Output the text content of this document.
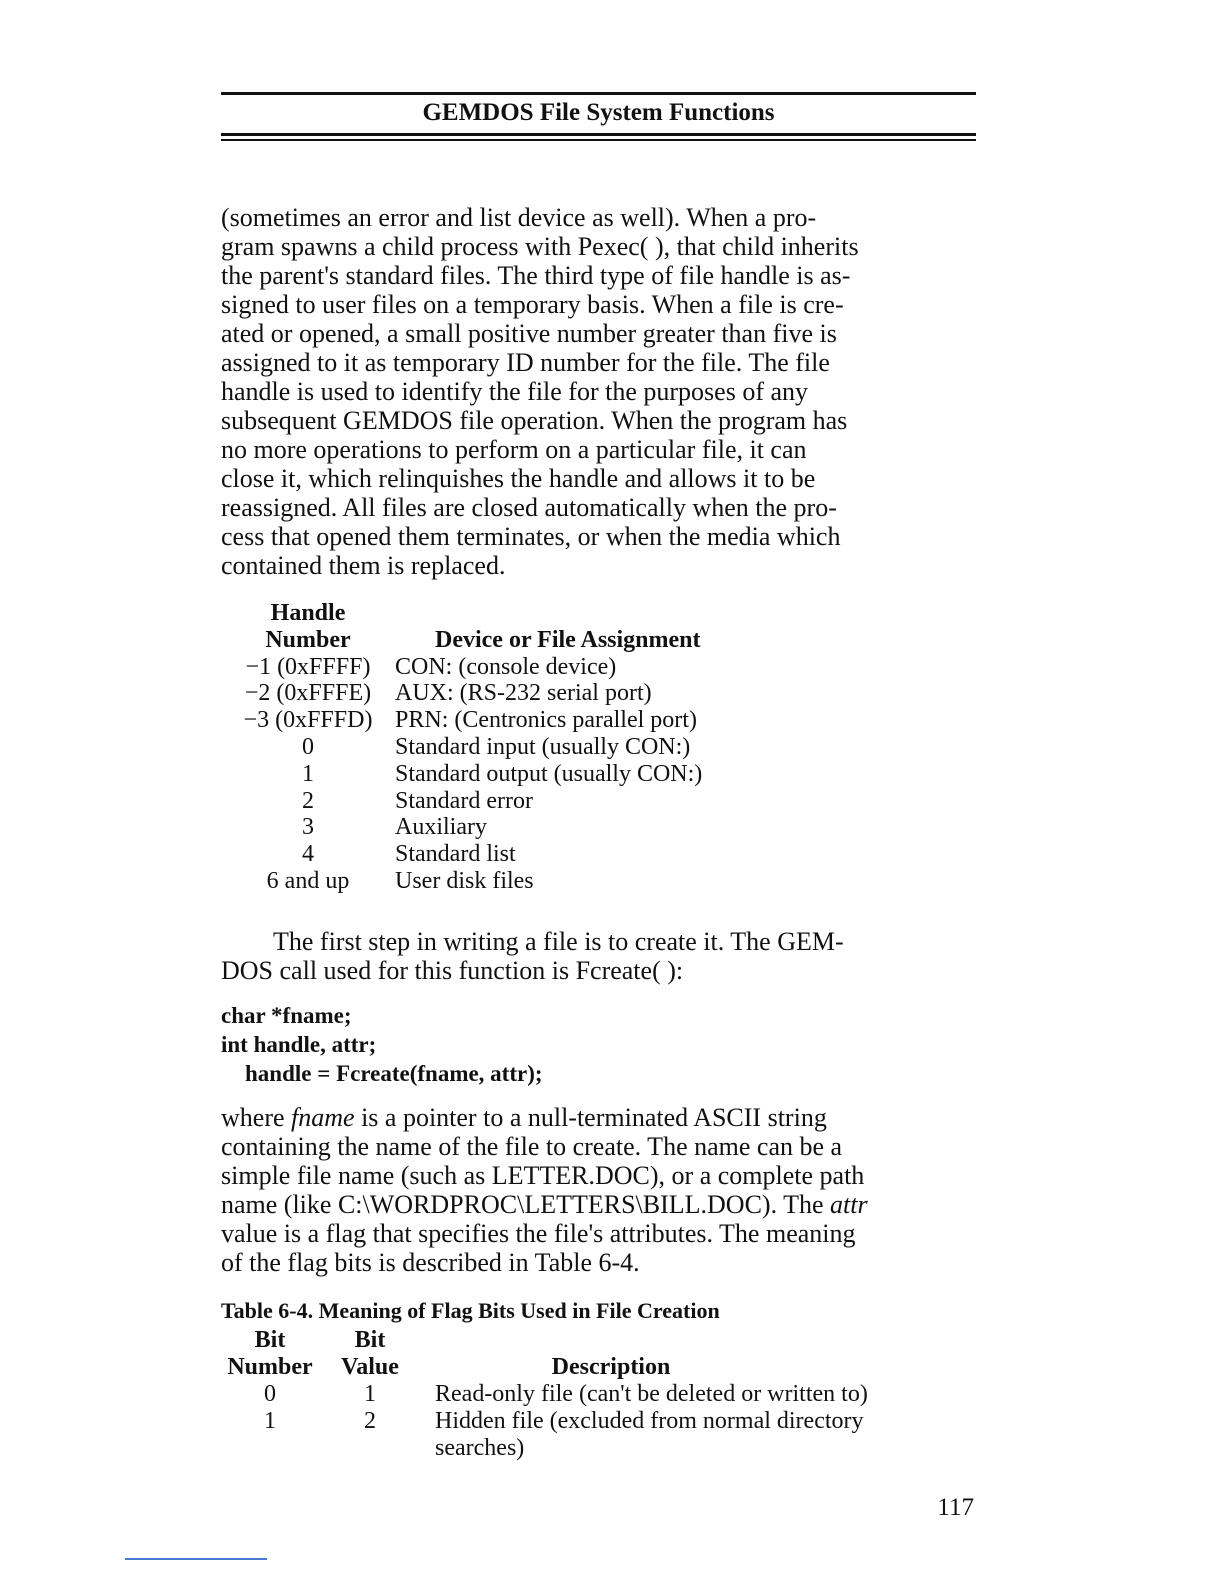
GEMDOS File System Functions

(sometimes an error and list device as well). When a pro-

gram spawns a child process with Pexec( ), that child inherits

the parent's standard files. The third type of file handle is as-

signed to user files on a temporary basis. When a file is cre-

ated or opened, a small positive number greater than five is

assigned to it as temporary ID number for the file. The file

handle is used to identify the file for the purposes of any

subsequent GEMDOS file operation. When the program has

no more operations to perform on a particular file, it can

close it, which relinquishes the handle and allows it to be

reassigned. All files are closed automatically when the pro-

cess that opened them terminates, or when the media which

contained them is replaced.

Handle
Number	Device or File Assignment
−1 (0xFFFF)	CON: (console device)
−2 (0xFFFE) AUX: (RS-232 serial port)
−3 (0xFFFD) PRN: (Centronics parallel port)
0	Standard input (usually CON:)
1	Standard output (usually CON:)
2	Standard error
3	Auxiliary
4	Standard list
6 and up	User disk files

The first step in writing a file is to create it. The GEM-

DOS call used for this function is Fcreate( ):

char *fname;
int handle, attr;
handle = Fcreate(fname, attr);

where fname is a pointer to a null-terminated ASCII string

containing the name of the file to create. The name can be a

simple file name (such as LETTER.DOC), or a complete path

name (like C:\WORDPROC\LETTERS\BILL.DOC). The attr

value is a flag that specifies the file's attributes. The meaning

of the flag bits is described in Table 6-4.

Table 6-4. Meaning of Flag Bits Used in File Creation
Bit	Bit
Number	Value	Description
0	1	Read-only file (can't be deleted or written to)
1	2	Hidden file (excluded from normal directory
searches)
117
